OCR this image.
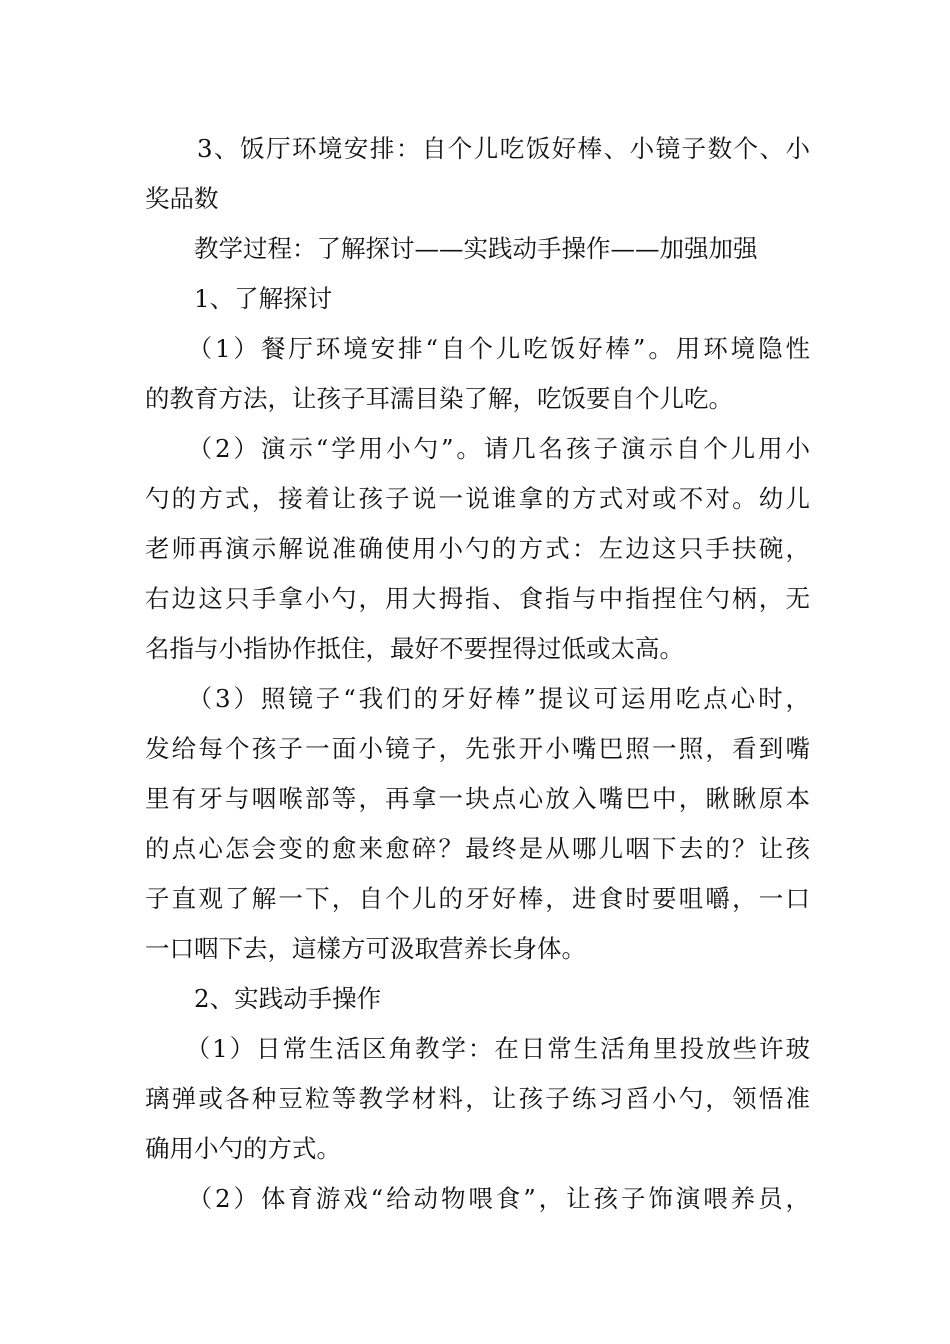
　　3、饭厅环境安排：自个儿吃饭好棒、小镜子数个、小
奖品数
　　教学过程：了解探讨——实践动手操作——加强加强
　　1、了解探讨
　　（1）餐厅环境安排“自个儿吃饭好棒”。用环境隐性
的教育方法，让孩子耳濡目染了解，吃饭要自个儿吃。
　　（2）演示“学用小勺”。请几名孩子演示自个儿用小
勺的方式，接着让孩子说一说谁拿的方式对或不对。幼儿
老师再演示解说准确使用小勺的方式：左边这只手扶碗，
右边这只手拿小勺，用大拇指、食指与中指捏住勺柄，无
名指与小指协作抵住，最好不要捏得过低或太高。
　　（3）照镜子“我们的牙好棒”提议可运用吃点心时，
发给每个孩子一面小镜子，先张开小嘴巴照一照，看到嘴
里有牙与咽喉部等，再拿一块点心放入嘴巴中，瞅瞅原本
的点心怎会变的愈来愈碎？最终是从哪儿咽下去的？让孩
子直观了解一下，自个儿的牙好棒，进食时要咀嚼，一口
一口咽下去，這樣方可汲取营养长身体。
　　2、实践动手操作
　　（1）日常生活区角教学：在日常生活角里投放些许玻
璃弹或各种豆粒等教学材料，让孩子练习舀小勺，领悟准
确用小勺的方式。
　　（2）体育游戏“给动物喂食”，让孩子饰演喂养员，
